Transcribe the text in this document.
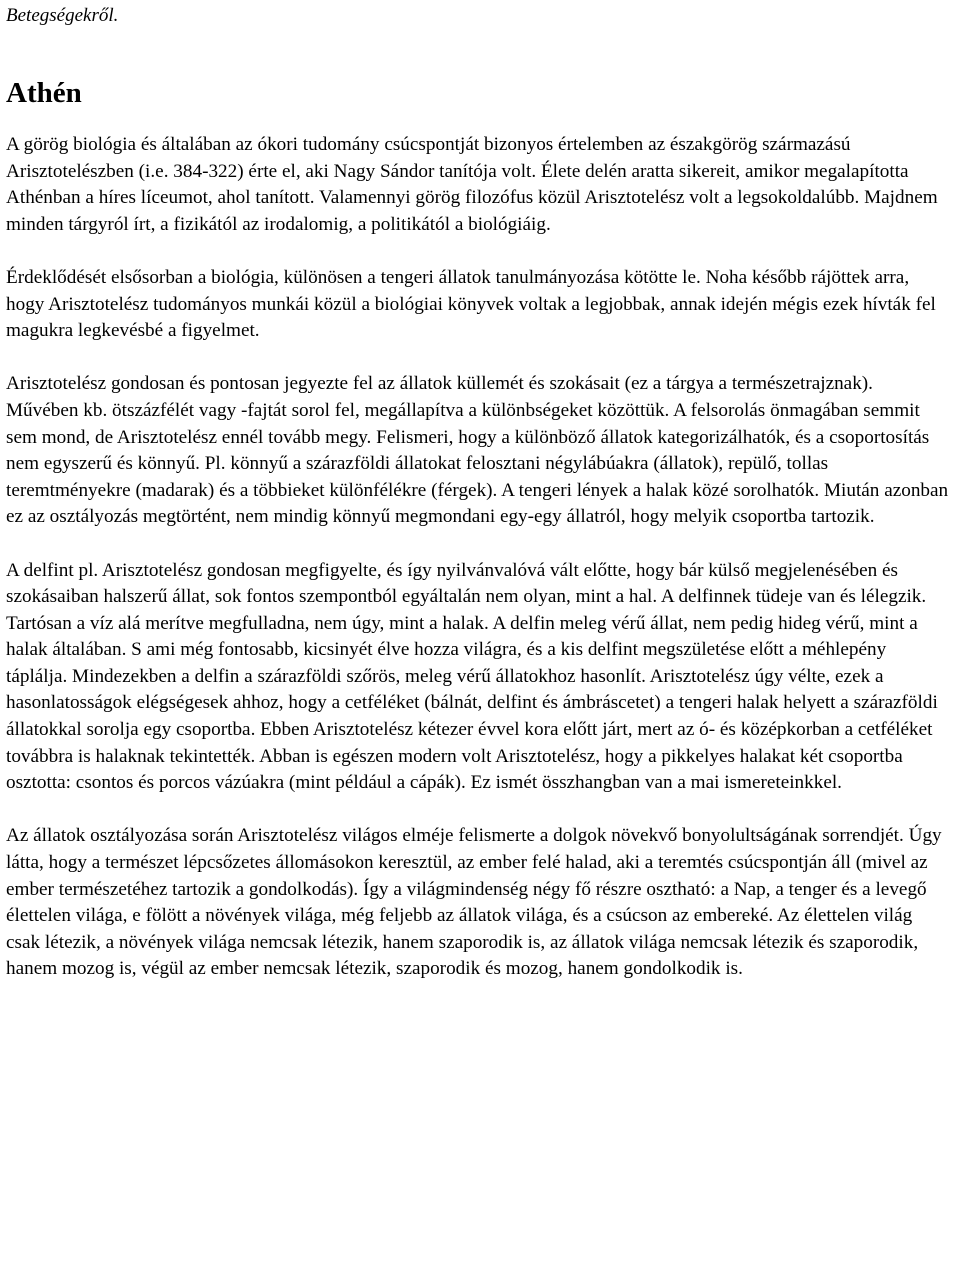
Betegségekről.

Athén

A görög biológia és általában az ókori tudomány csúcspontját bizonyos értelemben az északgörög származású Arisztotelészben (i.e. 384-322) érte el, aki Nagy Sándor tanítója volt. Élete delén aratta sikereit, amikor megalapította Athénban a híres líceumot, ahol tanított. Valamennyi görög filozófus közül Arisztotelész volt a legsokoldalúbb. Majdnem minden tárgyról írt, a fizikától az irodalomig, a politikától a biológiáig.

Érdeklődését elsősorban a biológia, különösen a tengeri állatok tanulmányozása kötötte le. Noha később rájöttek arra, hogy Arisztotelész tudományos munkái közül a biológiai könyvek voltak a legjobbak, annak idején mégis ezek hívták fel magukra legkevésbé a figyelmet.

Arisztotelész gondosan és pontosan jegyezte fel az állatok küllemét és szokásait (ez a tárgya a természetrajznak). Művében kb. ötszázfélét vagy -fajtát sorol fel, megállapítva a különbségeket közöttük. A felsorolás önmagában semmit sem mond, de Arisztotelész ennél tovább megy. Felismeri, hogy a különböző állatok kategorizálhatók, és a csoportosítás nem egyszerű és könnyű. Pl. könnyű a szárazföldi állatokat felosztani négylábúakra (állatok), repülő, tollas teremtményekre (madarak) és a többieket különfélékre (férgek). A tengeri lények a halak közé sorolhatók. Miután azonban ez az osztályozás megtörtént, nem mindig könnyű megmondani egy-egy állatról, hogy melyik csoportba tartozik.

A delfint pl. Arisztotelész gondosan megfigyelte, és így nyilvánvalóvá vált előtte, hogy bár külső megjelenésében és szokásaiban halszerű állat, sok fontos szempontból egyáltalán nem olyan, mint a hal. A delfinnek tüdeje van és lélegzik. Tartósan a víz alá merítve megfulladna, nem úgy, mint a halak. A delfin meleg vérű állat, nem pedig hideg vérű, mint a halak általában. S ami még fontosabb, kicsinyét élve hozza világra, és a kis delfint megszületése előtt a méhlepény táplálja. Mindezekben a delfin a szárazföldi szőrös, meleg vérű állatokhoz hasonlít. Arisztotelész úgy vélte, ezek a hasonlatosságok elégségesek ahhoz, hogy a cetféléket (bálnát, delfint és ámbráscetet) a tengeri halak helyett a szárazföldi állatokkal sorolja egy csoportba. Ebben Arisztotelész kétezer évvel kora előtt járt, mert az ó- és középkorban a cetféléket továbbra is halaknak tekintették. Abban is egészen modern volt Arisztotelész, hogy a pikkelyes halakat két csoportba osztotta: csontos és porcos vázúakra (mint például a cápák). Ez ismét összhangban van a mai ismereteinkkel.

Az állatok osztályozása során Arisztotelész világos elméje felismerte a dolgok növekvő bonyolultságának sorrendjét. Úgy látta, hogy a természet lépcsőzetes állomásokon keresztül, az ember felé halad, aki a teremtés csúcspontján áll (mivel az ember természetéhez tartozik a gondolkodás). Így a világmindenség négy fő részre osztható: a Nap, a tenger és a levegő élettelen világa, e fölött a növények világa, még feljebb az állatok világa, és a csúcson az embereké. Az élettelen világ csak létezik, a növények világa nemcsak létezik, hanem szaporodik is, az állatok világa nemcsak létezik és szaporodik, hanem mozog is, végül az ember nemcsak létezik, szaporodik és mozog, hanem gondolkodik is.
